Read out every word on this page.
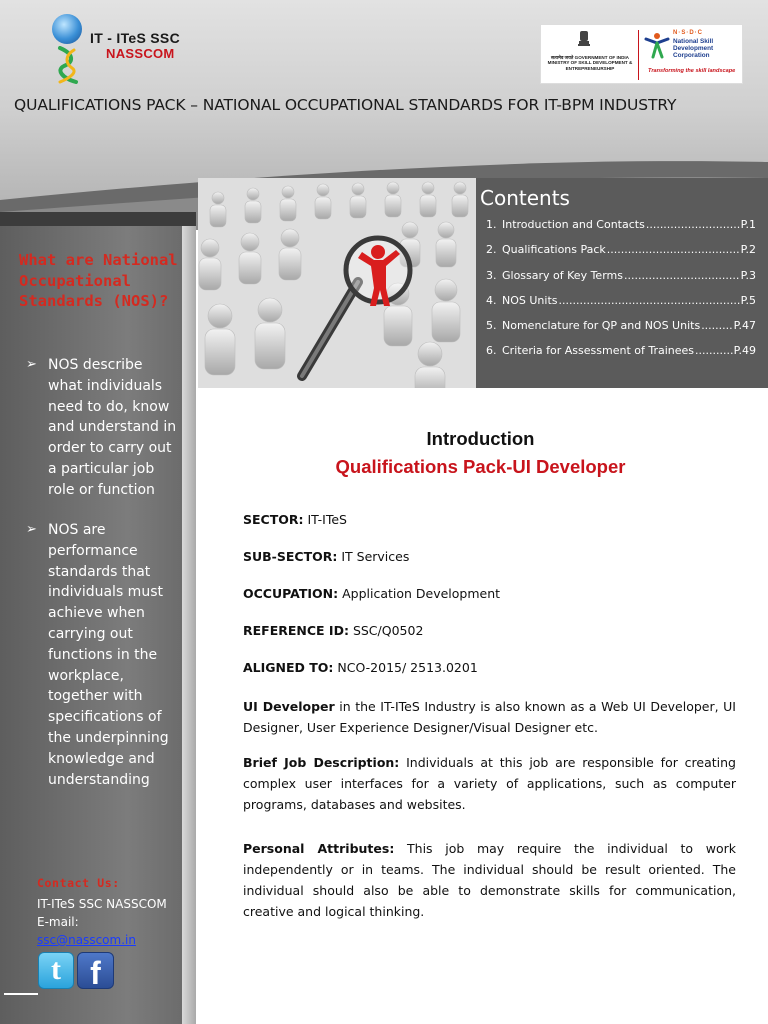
IT - ITeS SSC
NASSCOM	सत्यमेव जयते GOVERNMENT OF INDIA MINISTRY OF SKILL DEVELOPMENT & ENTREPRENEURSHIP
N·S·D·C
National Skill Development Corporation
Transforming the skill landscape
QUALIFICATIONS PACK – NATIONAL OCCUPATIONAL STANDARDS FOR IT-BPM INDUSTRY
Contents
1. Introduction and Contacts .....	P.1
2. Qualifications Pack .....	P.2
3. Glossary of Key Terms .....	P.3
4. NOS Units .....	P.5
5. Nomenclature for QP and NOS Units .....	P.47
6. Criteria for Assessment of Trainees .....	P.49
What are National Occupational Standards (NOS)?
➢ NOS describe what individuals need to do, know and understand in order to carry out a particular job role or function
➢ NOS are performance standards that individuals must achieve when carrying out functions in the workplace, together with specifications of the underpinning knowledge and understanding
Contact Us:
IT-ITeS SSC NASSCOM
E-mail:
ssc@nasscom.in
t f
Introduction
Qualifications Pack-UI Developer
SECTOR: IT-ITeS
SUB-SECTOR: IT Services
OCCUPATION: Application Development
REFERENCE ID: SSC/Q0502
ALIGNED TO: NCO-2015/ 2513.0201

UI Developer in the IT-ITeS Industry is also known as a Web UI Developer, UI Designer, User Experience Designer/Visual Designer etc.

Brief Job Description: Individuals at this job are responsible for creating complex user interfaces for a variety of applications, such as computer programs, databases and websites.

Personal Attributes: This job may require the individual to work independently or in teams. The individual should be result oriented. The individual should also be able to demonstrate skills for communication, creative and logical thinking.
